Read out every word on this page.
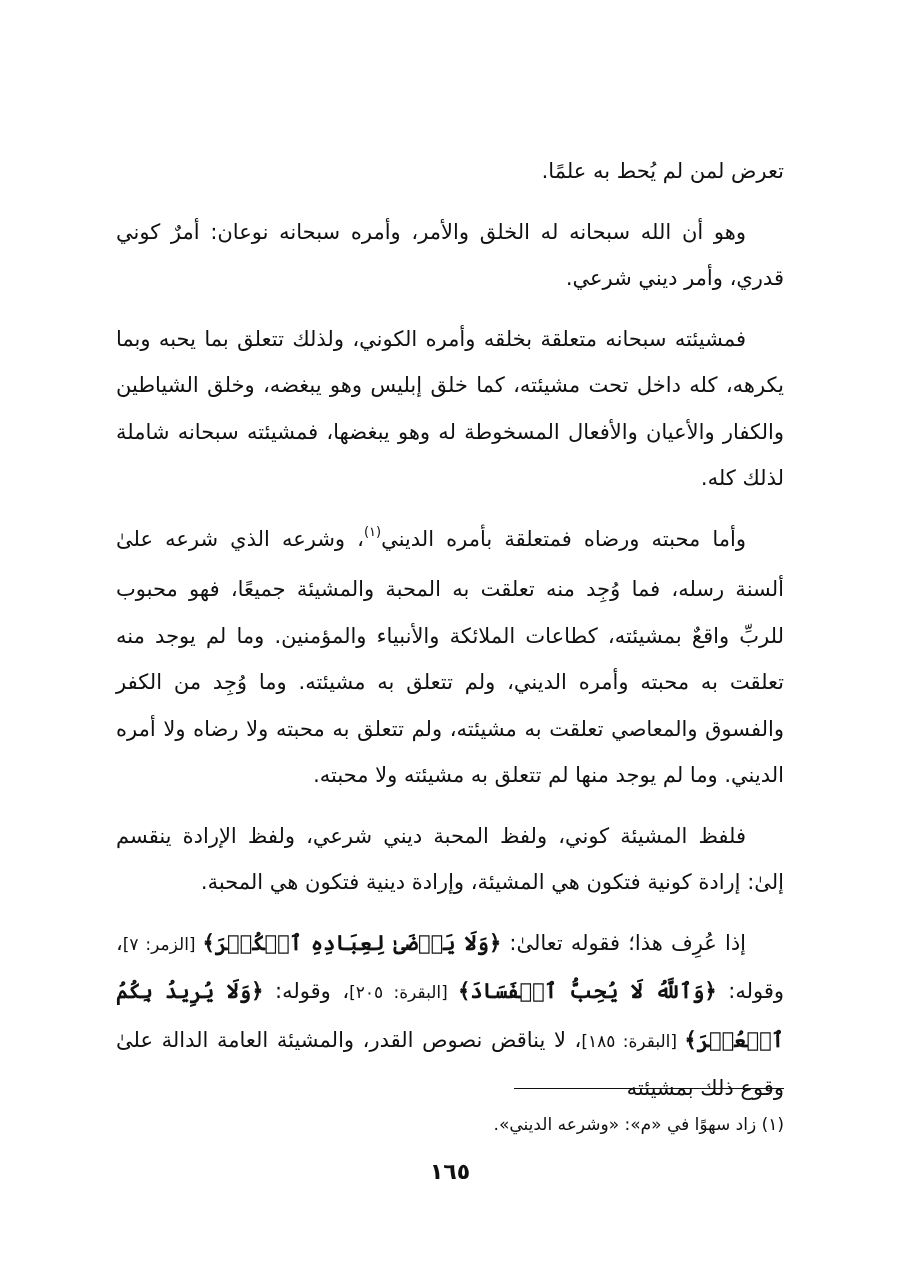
تعرض لمن لم يُحط به علمًا.

وهو أن الله سبحانه له الخلق والأمر، وأمره سبحانه نوعان: أمرٌ كوني قدري، وأمر ديني شرعي.

فمشيئته سبحانه متعلقة بخلقه وأمره الكوني، ولذلك تتعلق بما يحبه وبما يكرهه، كله داخل تحت مشيئته، كما خلق إبليس وهو يبغضه، وخلق الشياطين والكفار والأعيان والأفعال المسخوطة له وهو يبغضها، فمشيئته سبحانه شاملة لذلك كله.

وأما محبته ورضاه فمتعلقة بأمره الديني$^{(١)}$، وشرعه الذي شرعه علىٰ ألسنة رسله، فما وُجِد منه تعلقت به المحبة والمشيئة جميعًا، فهو محبوب للربِّ واقعٌ بمشيئته، كطاعات الملائكة والأنبياء والمؤمنين. وما لم يوجد منه تعلقت به محبته وأمره الديني، ولم تتعلق به مشيئته. وما وُجِد من الكفر والفسوق والمعاصي تعلقت به مشيئته، ولم تتعلق به محبته ولا رضاه ولا أمره الديني. وما لم يوجد منها لم تتعلق به مشيئته ولا محبته.

فلفظ المشيئة كوني، ولفظ المحبة ديني شرعي، ولفظ الإرادة ينقسم إلىٰ: إرادة كونية فتكون هي المشيئة، وإرادة دينية فتكون هي المحبة.

إذا عُرِف هذا؛ فقوله تعالىٰ: ﴿وَلَا يَرۡضَىٰ لِعِبَادِهِ ٱلۡكُفۡرَ﴾ [الزمر: ٧]، وقوله: ﴿وَٱللَّهُ لَا يُحِبُّ ٱلۡفَسَادَ﴾ [البقرة: ٢٠٥]، وقوله: ﴿وَلَا يُرِيدُ بِكُمُ ٱلۡعُسۡرَ﴾ [البقرة: ١٨٥]، لا يناقض نصوص القدر، والمشيئة العامة الدالة علىٰ وقوع ذلك بمشيئته

(١) زاد سهوًا في «م»: «وشرعه الديني».
١٦٥
